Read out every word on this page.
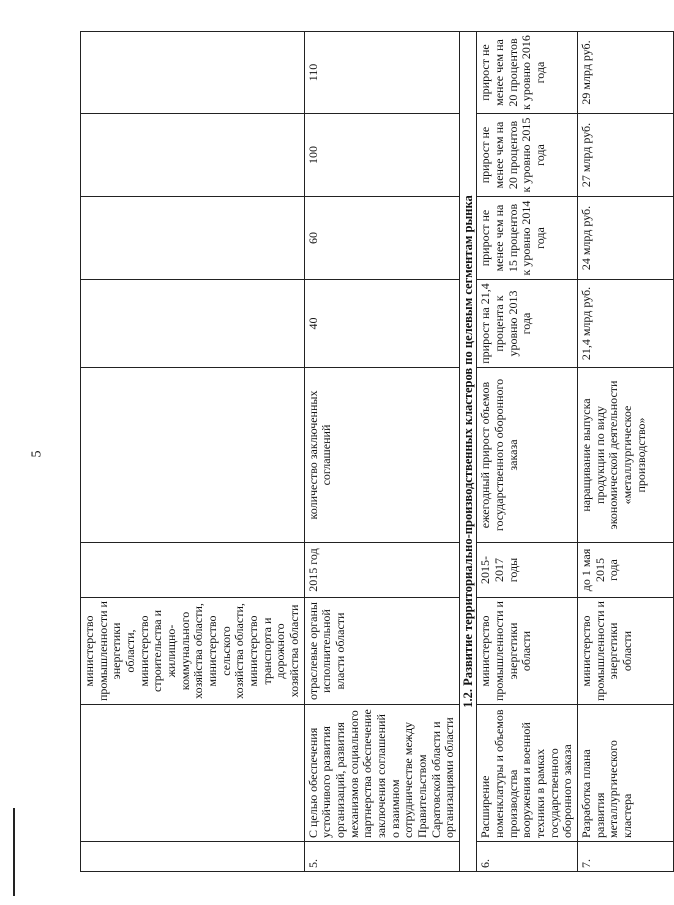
5
		министерство промышленности и энергетики области, министерство строительства и жилищно-коммунального хозяйства области, министерство сельского хозяйства области, министерство транспорта и дорожного хозяйства области						
5.	С целью обеспечения устойчивого развития организаций, развития механизмов социального партнерства обеспечение заключения соглашений о взаимном сотрудничестве между Правительством Саратовской области и организациями области	отраслевые органы исполнительной власти области	2015 год	количество заключенных соглашений	40	60	100	110
1.2. Развитие территориально-производственных кластеров по целевым сегментам рынка								
6.	Расширение номенклатуры и объемов производства вооружения и военной техники в рамках государственного оборонного заказа	министерство промышленности и энергетики области	2015-2017 годы	ежегодный прирост объемов государственного оборонного заказа	прирост на 21,4 процента к уровню 2013 года	прирост не менее чем на 15 процентов к уровню 2014 года	прирост не менее чем на 20 процентов к уровню 2015 года	прирост не менее чем на 20 процентов к уровню 2016 года
7.	Разработка плана развития металлургического кластера	министерство промышленности и энергетики области	до 1 мая 2015 года	наращивание выпуска продукции по виду экономической деятельности «металлургическое производство»	21,4 млрд руб.	24 млрд руб.	27 млрд руб.	29 млрд руб.
